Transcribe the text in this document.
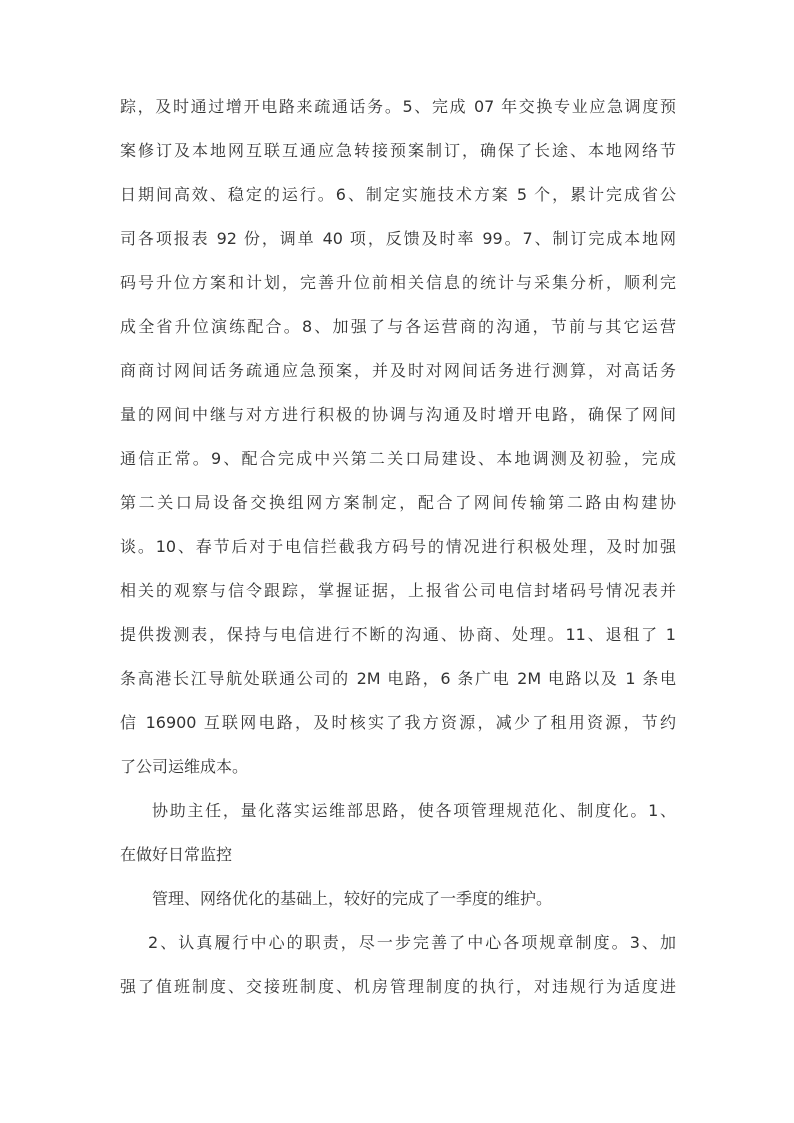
踪，及时通过增开电路来疏通话务。5、完成 07 年交换专业应急调度预
案修订及本地网互联互通应急转接预案制订，确保了长途、本地网络节
日期间高效、稳定的运行。6、制定实施技术方案 5 个，累计完成省公
司各项报表 92 份，调单 40 项，反馈及时率 99。7、制订完成本地网
码号升位方案和计划，完善升位前相关信息的统计与采集分析，顺利完
成全省升位演练配合。8、加强了与各运营商的沟通，节前与其它运营
商商讨网间话务疏通应急预案，并及时对网间话务进行测算，对高话务
量的网间中继与对方进行积极的协调与沟通及时增开电路，确保了网间
通信正常。9、配合完成中兴第二关口局建设、本地调测及初验，完成
第二关口局设备交换组网方案制定，配合了网间传输第二路由构建协
谈。10、春节后对于电信拦截我方码号的情况进行积极处理，及时加强
相关的观察与信令跟踪，掌握证据，上报省公司电信封堵码号情况表并
提供拨测表，保持与电信进行不断的沟通、协商、处理。11、退租了 1
条高港长江导航处联通公司的 2M 电路，6 条广电 2M 电路以及 1 条电
信 16900 互联网电路，及时核实了我方资源，减少了租用资源，节约
了公司运维成本。
协助主任，量化落实运维部思路，使各项管理规范化、制度化。1、
在做好日常监控
管理、网络优化的基础上，较好的完成了一季度的维护。
2、认真履行中心的职责，尽一步完善了中心各项规章制度。3、加
强了值班制度、交接班制度、机房管理制度的执行，对违规行为适度进
